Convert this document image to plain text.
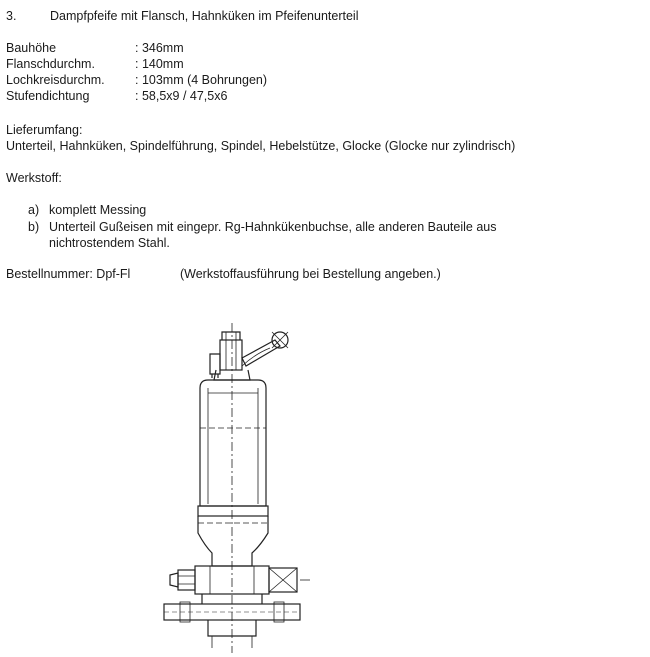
3.	Dampfpfeife mit Flansch, Hahnküken im Pfeifenunterteil
Bauhöhe	: 346mm
Flanschdurchm.	: 140mm
Lochkreisdurchm. : 103mm (4 Bohrungen)
Stufendichtung	: 58,5x9 / 47,5x6
Lieferumfang:
Unterteil, Hahnküken, Spindelführung, Spindel, Hebelstütze, Glocke (Glocke nur zylindrisch)
Werkstoff:
a) komplett Messing
b) Unterteil Gußeisen mit eingepr. Rg-Hahnkükenbuchse, alle anderen Bauteile aus
nichtrostendem Stahl.
Bestellnummer: Dpf-Fl	(Werkstoffausführung bei Bestellung angeben.)
